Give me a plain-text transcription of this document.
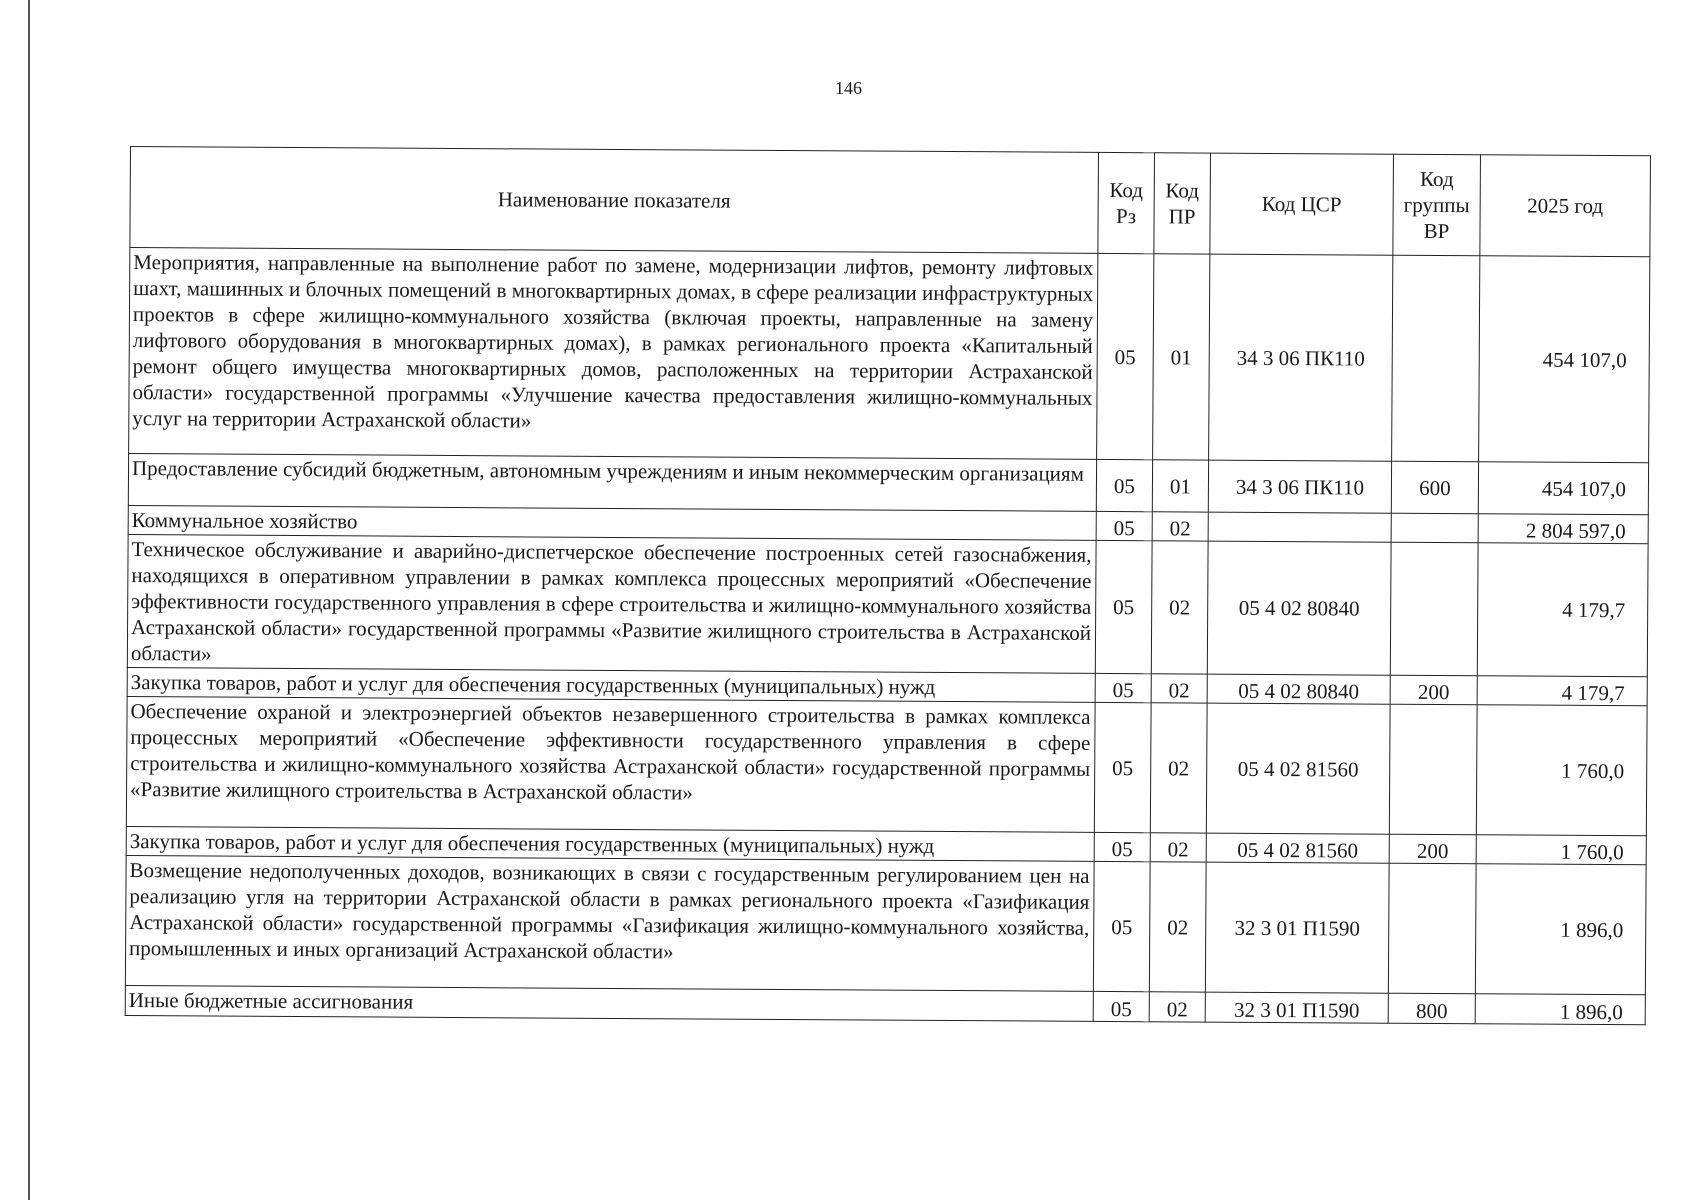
146
Наименование показателя	Код Рз	Код ПР	Код ЦСР	Код группы ВР	2025 год
Мероприятия, направленные на выполнение работ по замене, модернизации лифтов, ремонту лифтовых шахт, машинных и блочных помещений в многоквартирных домах, в сфере реализации инфраструктурных проектов в сфере жилищно-коммунального хозяйства (включая проекты, направленные на замену лифтового оборудования в многоквартирных домах), в рамках регионального проекта «Капитальный ремонт общего имущества многоквартирных домов, расположенных на территории Астраханской области» государственной программы «Улучшение качества предоставления жилищно-коммунальных услуг на территории Астраханской области»	05	01	34 3 06 ПК110		454 107,0
Предоставление субсидий бюджетным, автономным учреждениям и иным некоммерческим организациям	05	01	34 3 06 ПК110	600	454 107,0
Коммунальное хозяйство	05	02			2 804 597,0
Техническое обслуживание и аварийно-диспетчерское обеспечение построенных сетей газоснабжения, находящихся в оперативном управлении в рамках комплекса процессных мероприятий «Обеспечение эффективности государственного управления в сфере строительства и жилищно-коммунального хозяйства Астраханской области» государственной программы «Развитие жилищного строительства в Астраханской области»	05	02	05 4 02 80840		4 179,7
Закупка товаров, работ и услуг для обеспечения государственных (муниципальных) нужд	05	02	05 4 02 80840	200	4 179,7
Обеспечение охраной и электроэнергией объектов незавершенного строительства в рамках комплекса процессных мероприятий «Обеспечение эффективности государственного управления в сфере строительства и жилищно-коммунального хозяйства Астраханской области» государственной программы «Развитие жилищного строительства в Астраханской области»	05	02	05 4 02 81560		1 760,0
Закупка товаров, работ и услуг для обеспечения государственных (муниципальных) нужд	05	02	05 4 02 81560	200	1 760,0
Возмещение недополученных доходов, возникающих в связи с государственным регулированием цен на реализацию угля на территории Астраханской области в рамках регионального проекта «Газификация Астраханской области» государственной программы «Газификация жилищно-коммунального хозяйства, промышленных и иных организаций Астраханской области»	05	02	32 3 01 П1590		1 896,0
Иные бюджетные ассигнования	05	02	32 3 01 П1590	800	1 896,0
